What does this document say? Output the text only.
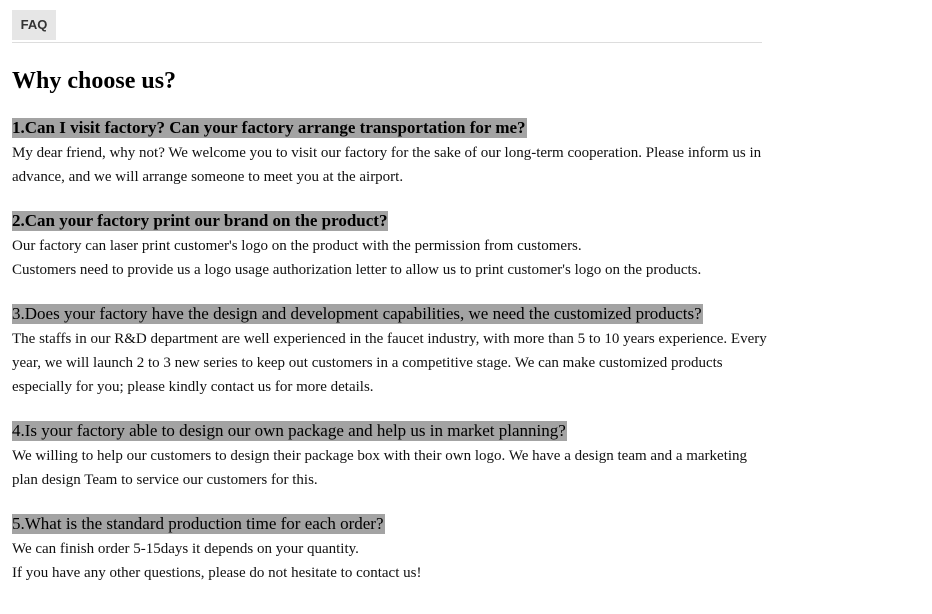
FAQ
Why choose us?
1.Can I visit factory? Can your factory arrange transportation for me?

My dear friend, why not? We welcome you to visit our factory for the sake of our long-term cooperation. Please inform us in advance, and we will arrange someone to meet you at the airport.

2.Can your factory print our brand on the product?

Our factory can laser print customer's logo on the product with the permission from customers.

Customers need to provide us a logo usage authorization letter to allow us to print customer's logo on the products.

3.Does your factory have the design and development capabilities, we need the customized products?

The staffs in our R&D department are well experienced in the faucet industry, with more than 5 to 10 years experience. Every year, we will launch 2 to 3 new series to keep out customers in a competitive stage. We can make customized products especially for you; please kindly contact us for more details.

4.Is your factory able to design our own package and help us in market planning?

We willing to help our customers to design their package box with their own logo. We have a design team and a marketing plan design Team to service our customers for this.

5.What is the standard production time for each order?

We can finish order 5-15days it depends on your quantity.

If you have any other questions, please do not hesitate to contact us!
